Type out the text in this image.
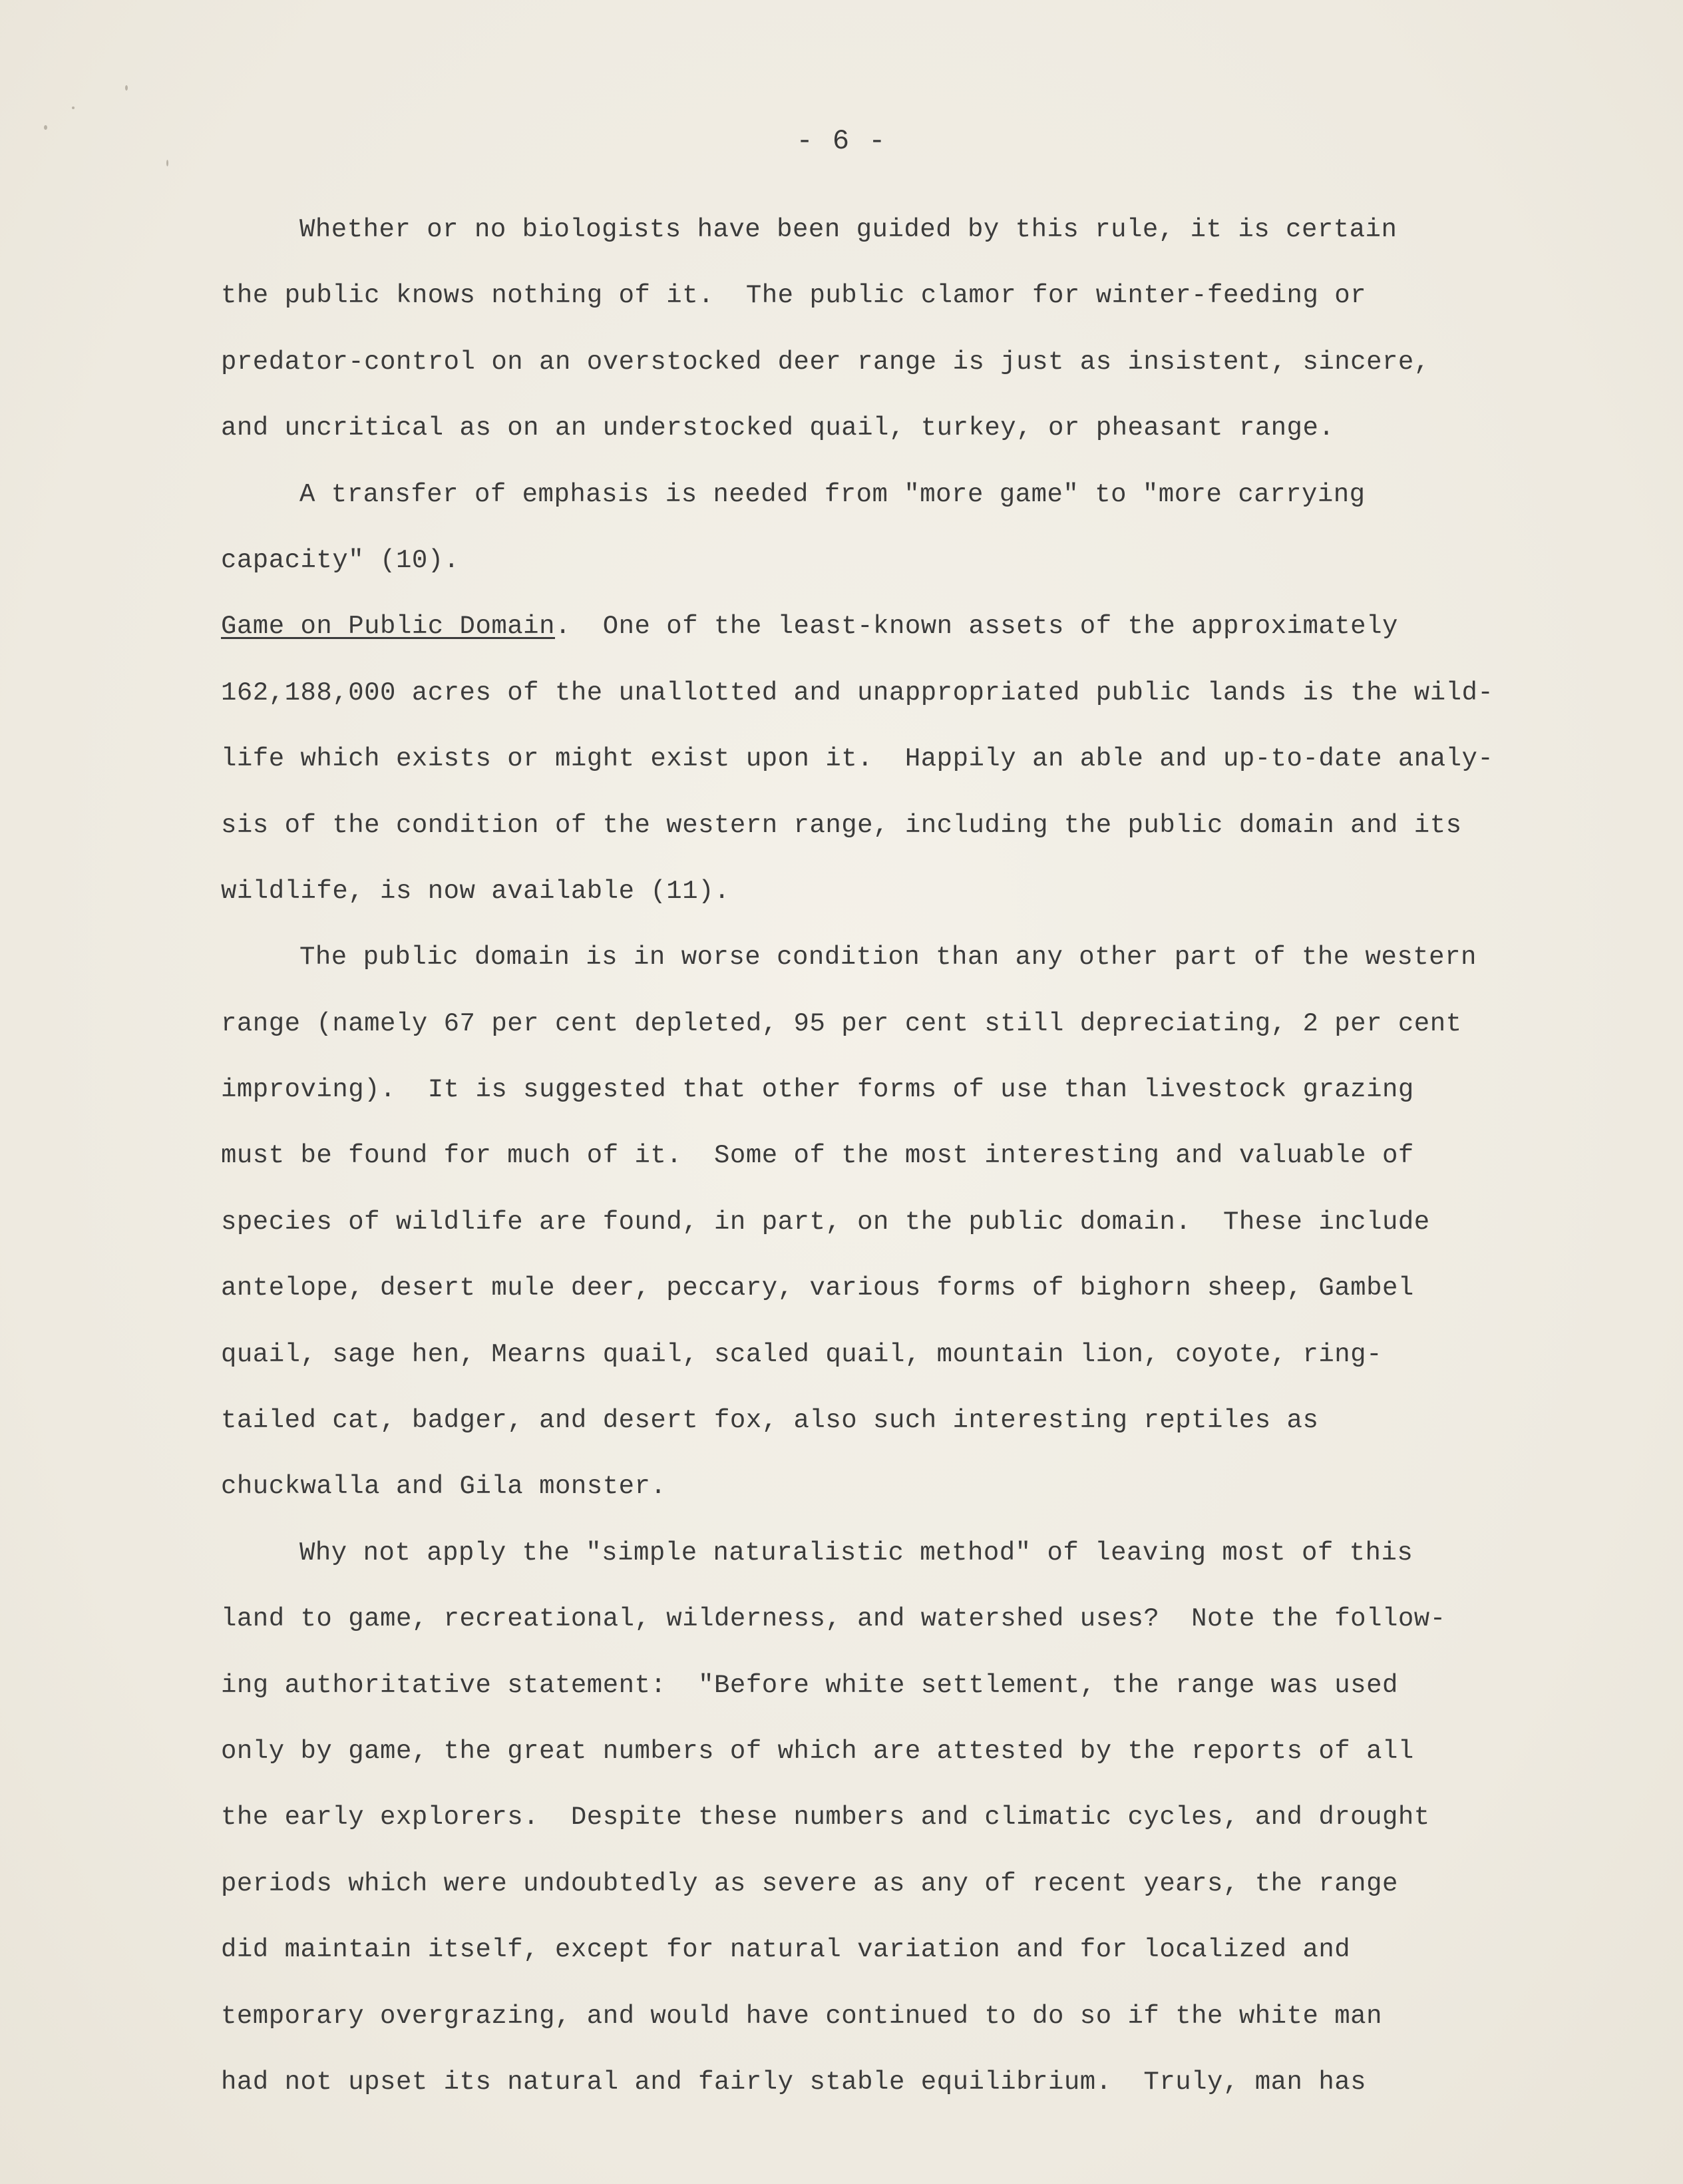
- 6 -
Whether or no biologists have been guided by this rule, it is certain
the public knows nothing of it.  The public clamor for winter-feeding or
predator-control on an overstocked deer range is just as insistent, sincere,
and uncritical as on an understocked quail, turkey, or pheasant range.
A transfer of emphasis is needed from "more game" to "more carrying
capacity" (10).
Game on Public Domain.  One of the least-known assets of the approximately
162,188,000 acres of the unallotted and unappropriated public lands is the wild-
life which exists or might exist upon it.  Happily an able and up-to-date analy-
sis of the condition of the western range, including the public domain and its
wildlife, is now available (11).
The public domain is in worse condition than any other part of the western
range (namely 67 per cent depleted, 95 per cent still depreciating, 2 per cent
improving).  It is suggested that other forms of use than livestock grazing
must be found for much of it.  Some of the most interesting and valuable of
species of wildlife are found, in part, on the public domain.  These include
antelope, desert mule deer, peccary, various forms of bighorn sheep, Gambel
quail, sage hen, Mearns quail, scaled quail, mountain lion, coyote, ring-
tailed cat, badger, and desert fox, also such interesting reptiles as
chuckwalla and Gila monster.
Why not apply the "simple naturalistic method" of leaving most of this
land to game, recreational, wilderness, and watershed uses?  Note the follow-
ing authoritative statement:  "Before white settlement, the range was used
only by game, the great numbers of which are attested by the reports of all
the early explorers.  Despite these numbers and climatic cycles, and drought
periods which were undoubtedly as severe as any of recent years, the range
did maintain itself, except for natural variation and for localized and
temporary overgrazing, and would have continued to do so if the white man
had not upset its natural and fairly stable equilibrium.  Truly, man has
